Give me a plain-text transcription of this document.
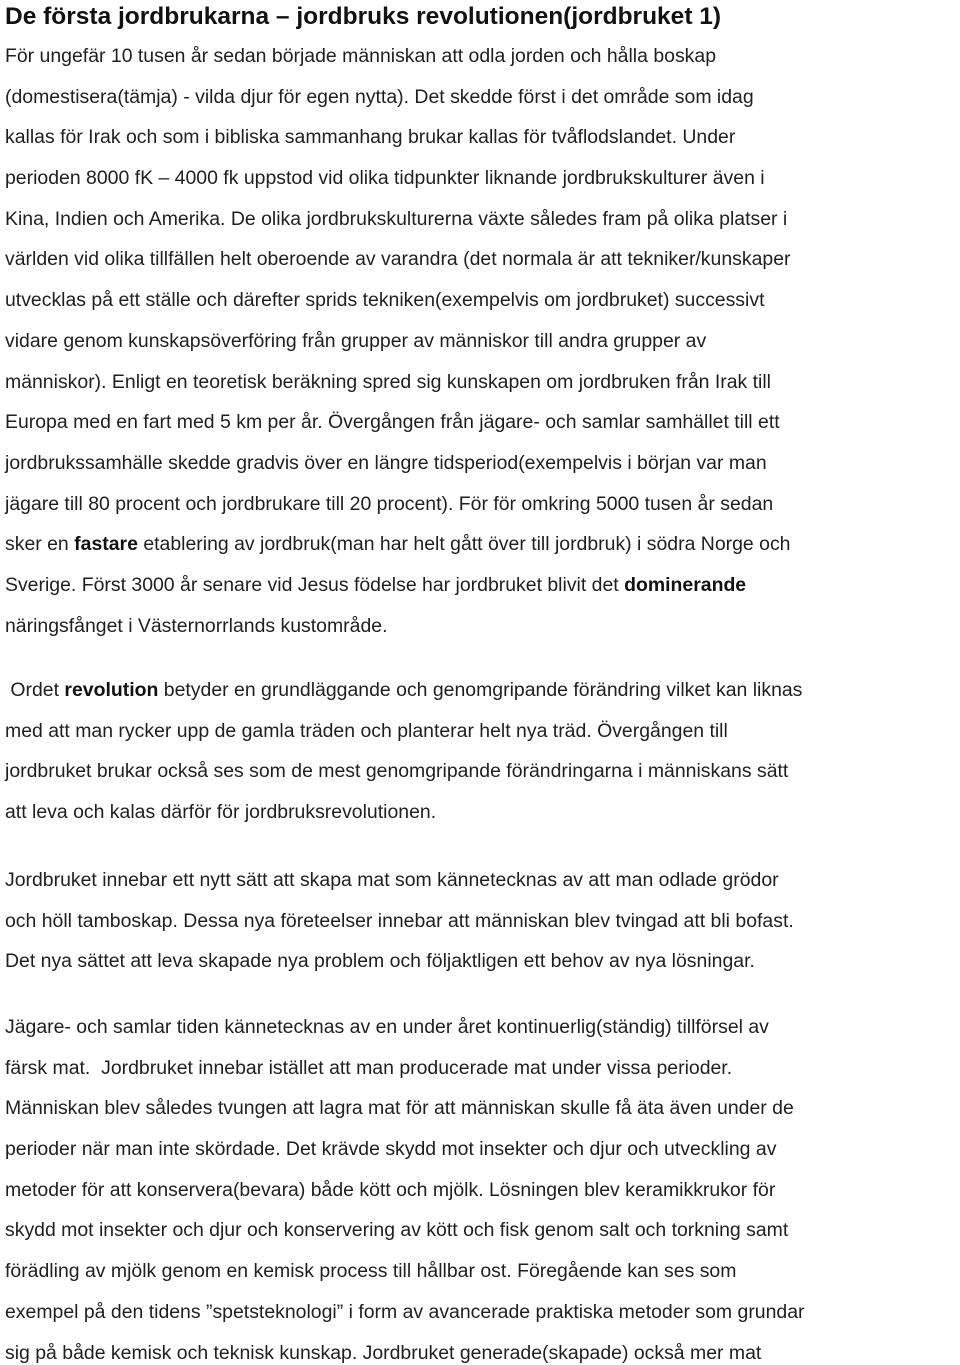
De första jordbrukarna – jordbruks revolutionen(jordbruket 1)
För ungefär 10 tusen år sedan började människan att odla jorden och hålla boskap
(domestisera(tämja) - vilda djur för egen nytta). Det skedde först i det område som idag
kallas för Irak och som i bibliska sammanhang brukar kallas för tvåflodslandet. Under
perioden 8000 fK – 4000 fk uppstod vid olika tidpunkter liknande jordbrukskulturer även i
Kina, Indien och Amerika. De olika jordbrukskulturerna växte således fram på olika platser i
världen vid olika tillfällen helt oberoende av varandra (det normala är att tekniker/kunskaper
utvecklas på ett ställe och därefter sprids tekniken(exempelvis om jordbruket) successivt
vidare genom kunskapsöverföring från grupper av människor till andra grupper av
människor). Enligt en teoretisk beräkning spred sig kunskapen om jordbruken från Irak till
Europa med en fart med 5 km per år. Övergången från jägare- och samlar samhället till ett
jordbrukssamhälle skedde gradvis över en längre tidsperiod(exempelvis i början var man
jägare till 80 procent och jordbrukare till 20 procent). För för omkring 5000 tusen år sedan
sker en fastare etablering av jordbruk(man har helt gått över till jordbruk) i södra Norge och
Sverige. Först 3000 år senare vid Jesus födelse har jordbruket blivit det dominerande
näringsfånget i Västernorrlands kustområde.
Ordet revolution betyder en grundläggande och genomgripande förändring vilket kan liknas
med att man rycker upp de gamla träden och planterar helt nya träd. Övergången till
jordbruket brukar också ses som de mest genomgripande förändringarna i människans sätt
att leva och kalas därför för jordbruksrevolutionen.
Jordbruket innebar ett nytt sätt att skapa mat som kännetecknas av att man odlade grödor
och höll tamboskap. Dessa nya företeelser innebar att människan blev tvingad att bli bofast.
Det nya sättet att leva skapade nya problem och följaktligen ett behov av nya lösningar.
Jägare- och samlar tiden kännetecknas av en under året kontinuerlig(ständig) tillförsel av
färsk mat.  Jordbruket innebar istället att man producerade mat under vissa perioder.
Människan blev således tvungen att lagra mat för att människan skulle få äta även under de
perioder när man inte skördade. Det krävde skydd mot insekter och djur och utveckling av
metoder för att konservera(bevara) både kött och mjölk. Lösningen blev keramikkrukor för
skydd mot insekter och djur och konservering av kött och fisk genom salt och torkning samt
förädling av mjölk genom en kemisk process till hållbar ost. Föregående kan ses som
exempel på den tidens ”spetsteknologi” i form av avancerade praktiska metoder som grundar
sig på både kemisk och teknisk kunskap. Jordbruket generade(skapade) också mer mat
